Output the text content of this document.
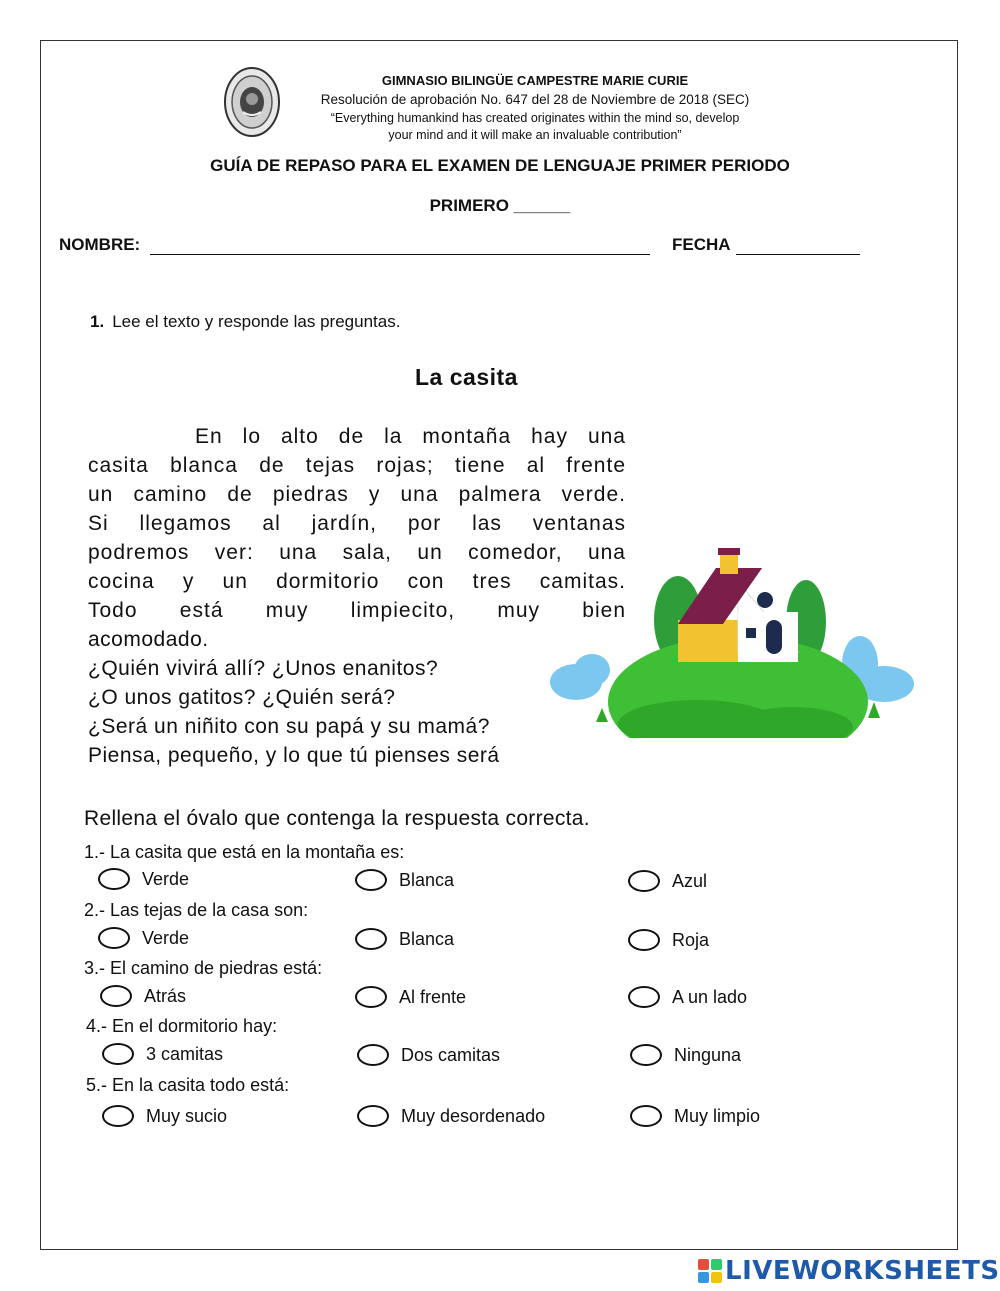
GIMNASIO BILINGÜE CAMPESTRE MARIE CURIE
Resolución de aprobación No. 647 del 28 de Noviembre de 2018 (SEC)
“Everything humankind has created originates within the mind so, develop
your mind and it will make an invaluable contribution”
GUÍA DE REPASO PARA EL EXAMEN DE LENGUAJE PRIMER PERIODO
PRIMERO ______
NOMBRE:	FECHA
1. Lee el texto y responde las preguntas.
La casita

En lo alto de la montaña hay una

casita blanca de tejas rojas; tiene al frente

un camino de piedras y una palmera verde.

Si llegamos al jardín, por las ventanas

podremos ver: una sala, un comedor, una

cocina y un dormitorio con tres camitas.

Todo está muy limpiecito, muy bien

acomodado.

¿Quién vivirá allí? ¿Unos enanitos?

¿O unos gatitos? ¿Quién será?

¿Será un niñito con su papá y su mamá?

Piensa, pequeño, y lo que tú pienses será

Rellena el óvalo que contenga la respuesta correcta.
1.- La casita que está en la montaña es:
Verde	Blanca	Azul
2.- Las tejas de la casa son:
Verde	Blanca	Roja
3.- El camino de piedras está:
Atrás	Al frente	A un lado
4.- En el dormitorio hay:
3 camitas	Dos camitas	Ninguna
5.- En la casita todo está:
Muy sucio	Muy desordenado	Muy limpio
LIVEWORKSHEETS
